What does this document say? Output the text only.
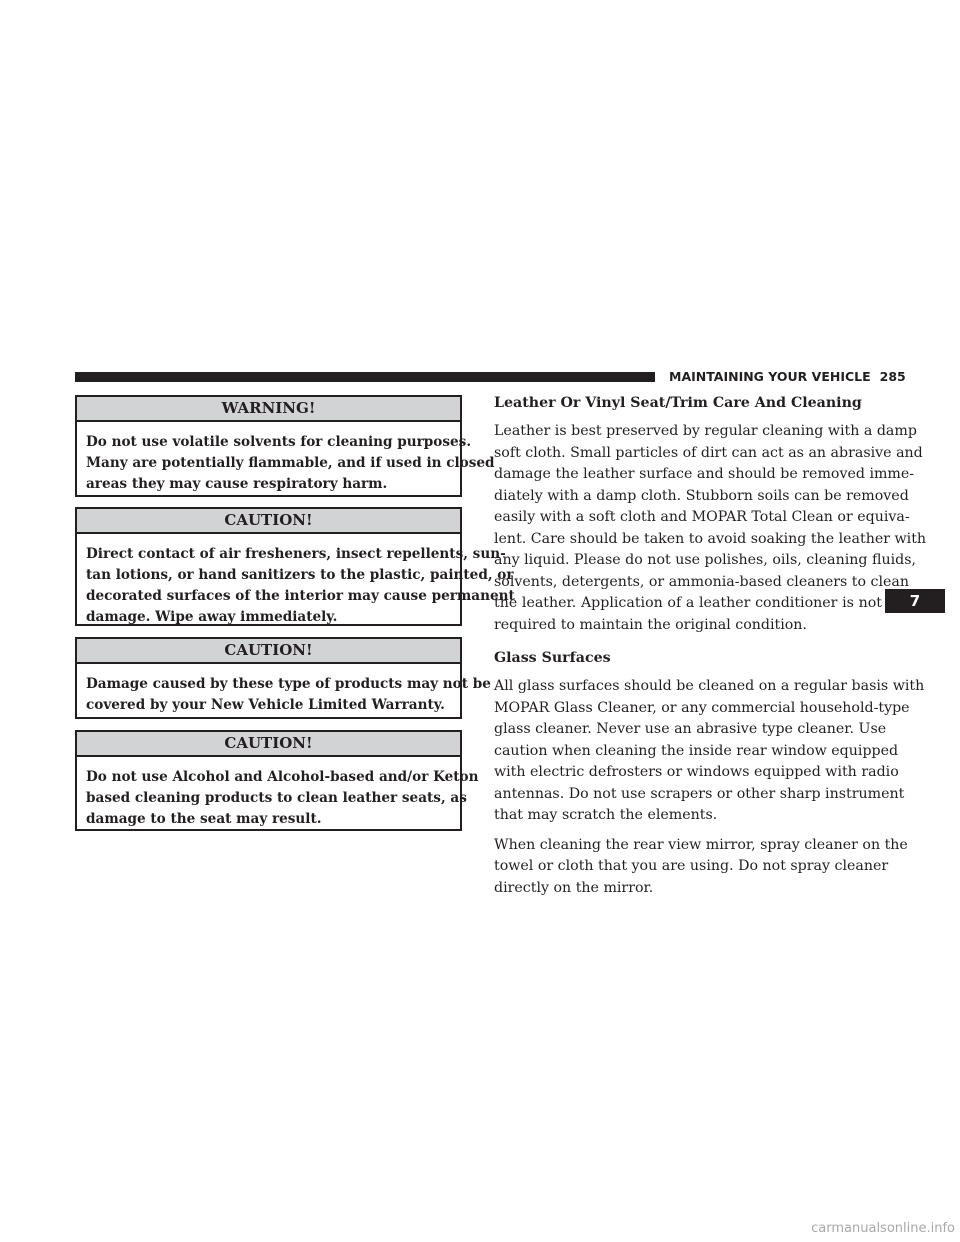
MAINTAINING YOUR VEHICLE 285
WARNING!
Do not use volatile solvents for cleaning purposes.
Many are potentially flammable, and if used in closed
areas they may cause respiratory harm.
CAUTION!
Direct contact of air fresheners, insect repellents, sun-
tan lotions, or hand sanitizers to the plastic, painted, or
decorated surfaces of the interior may cause permanent
damage. Wipe away immediately.
CAUTION!
Damage caused by these type of products may not be
covered by your New Vehicle Limited Warranty.
CAUTION!
Do not use Alcohol and Alcohol-based and/or Keton
based cleaning products to clean leather seats, as
damage to the seat may result.
Leather Or Vinyl Seat/Trim Care And Cleaning

Leather is best preserved by regular cleaning with a damp
soft cloth. Small particles of dirt can act as an abrasive and
damage the leather surface and should be removed imme-
diately with a damp cloth. Stubborn soils can be removed
easily with a soft cloth and MOPAR Total Clean or equiva-
lent. Care should be taken to avoid soaking the leather with
any liquid. Please do not use polishes, oils, cleaning fluids,
solvents, detergents, or ammonia-based cleaners to clean
the leather. Application of a leather conditioner is not
required to maintain the original condition.

Glass Surfaces

All glass surfaces should be cleaned on a regular basis with
MOPAR Glass Cleaner, or any commercial household-type
glass cleaner. Never use an abrasive type cleaner. Use
caution when cleaning the inside rear window equipped
with electric defrosters or windows equipped with radio
antennas. Do not use scrapers or other sharp instrument
that may scratch the elements.

When cleaning the rear view mirror, spray cleaner on the
towel or cloth that you are using. Do not spray cleaner
directly on the mirror.

7
carmanualsonline.info
